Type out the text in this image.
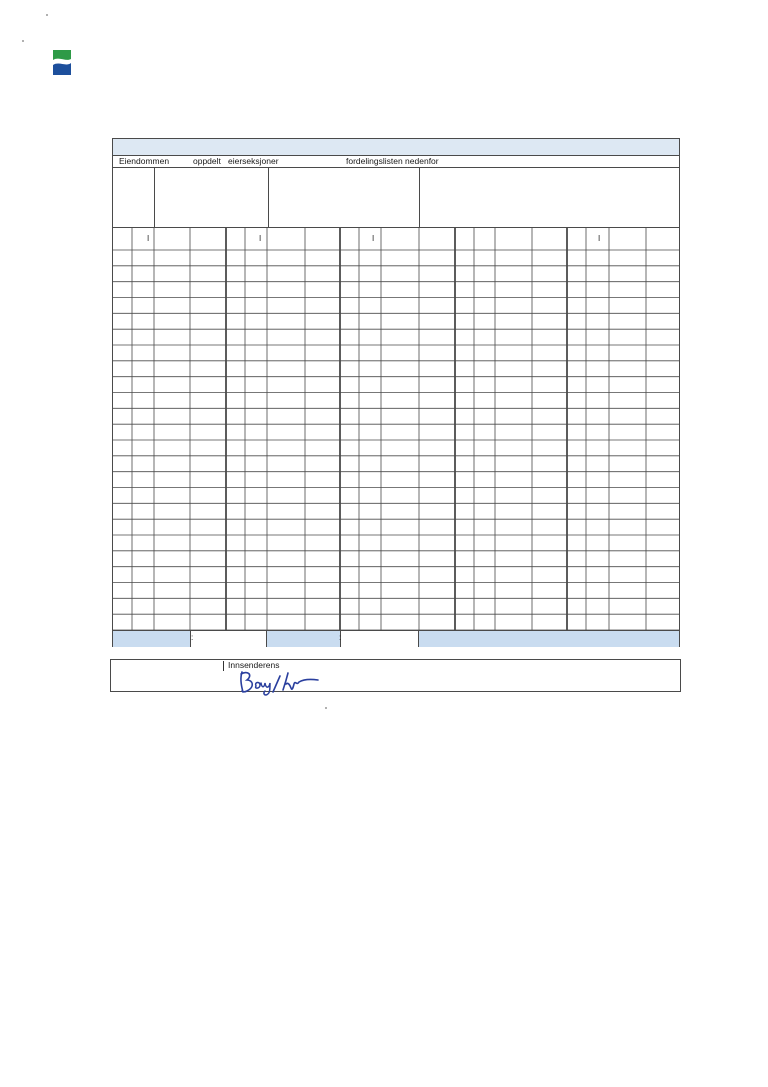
Eiendommen	oppdelt eierseksjoner	fordelingslisten nedenfor
I	I	I	I
:	:
Innsenderens
